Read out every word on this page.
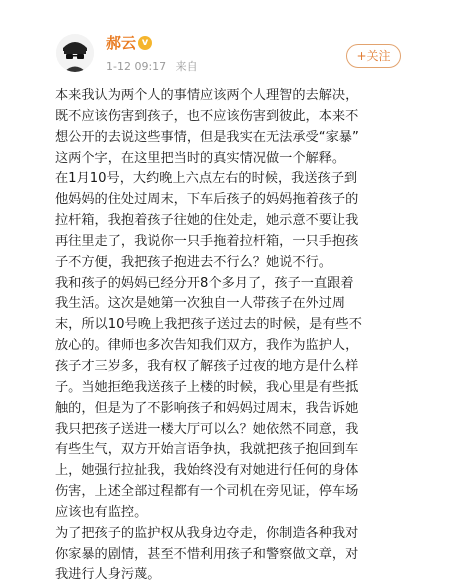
郝云 v
1-12 09:17 来自
+关注
本来我认为两个人的事情应该两个人理智的去解决，
既不应该伤害到孩子，也不应该伤害到彼此，本来不
想公开的去说这些事情，但是我实在无法承受“家暴”
这两个字，在这里把当时的真实情况做一个解释。
在1月10号，大约晚上六点左右的时候，我送孩子到
他妈妈的住处过周末，下车后孩子的妈妈拖着孩子的
拉杆箱，我抱着孩子往她的住处走，她示意不要让我
再往里走了，我说你一只手拖着拉杆箱，一只手抱孩
子不方便，我把孩子抱进去不行么？她说不行。
我和孩子的妈妈已经分开8个多月了，孩子一直跟着
我生活。这次是她第一次独自一人带孩子在外过周
末，所以10号晚上我把孩子送过去的时候，是有些不
放心的。律师也多次告知我们双方，我作为监护人，
孩子才三岁多，我有权了解孩子过夜的地方是什么样
子。当她拒绝我送孩子上楼的时候，我心里是有些抵
触的，但是为了不影响孩子和妈妈过周末，我告诉她
我只把孩子送进一楼大厅可以么？她依然不同意，我
有些生气，双方开始言语争执，我就把孩子抱回到车
上，她强行拉扯我，我始终没有对她进行任何的身体
伤害，上述全部过程都有一个司机在旁见证，停车场
应该也有监控。
为了把孩子的监护权从我身边夺走，你制造各种我对
你家暴的剧情，甚至不惜利用孩子和警察做文章，对
我进行人身污蔑。
